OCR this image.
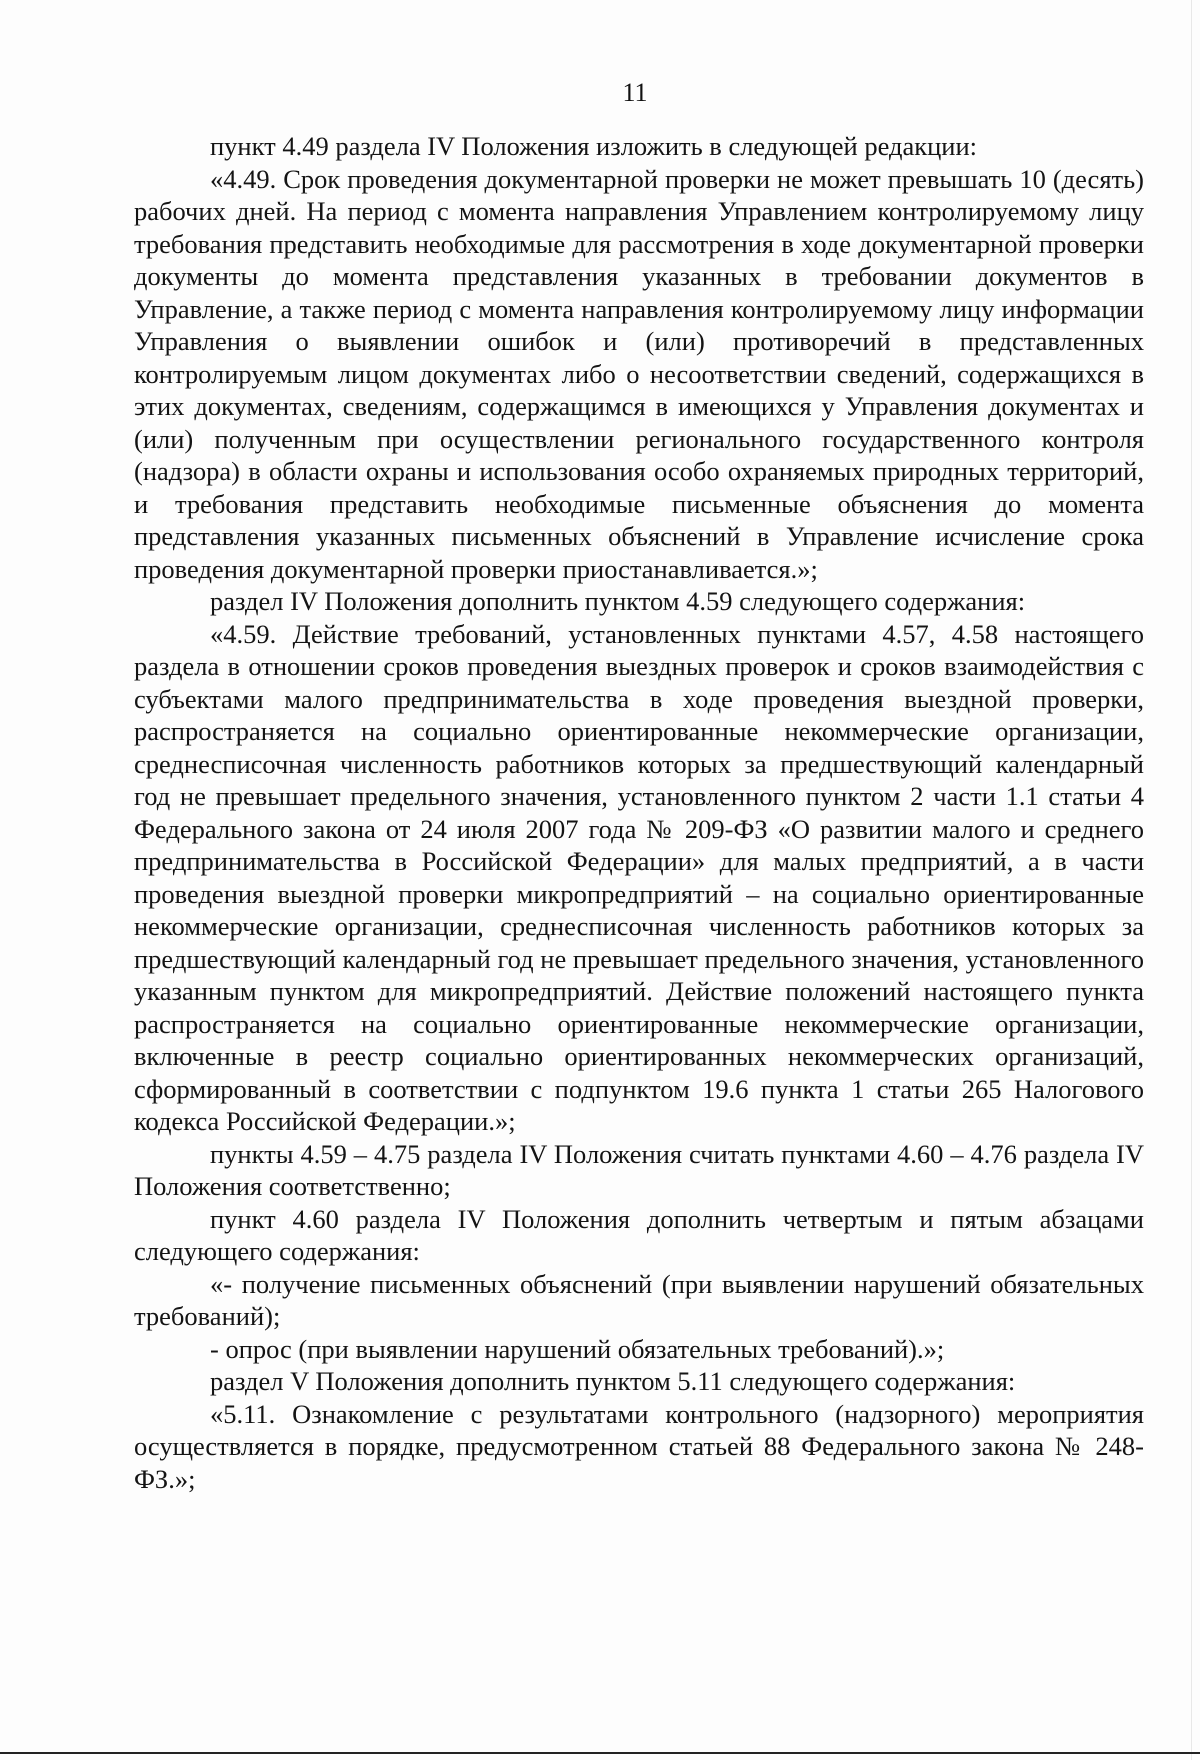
11

пункт 4.49 раздела IV Положения изложить в следующей редакции:

«4.49. Срок проведения документарной проверки не может превышать 10 (десять) рабочих дней. На период с момента направления Управлением контролируемому лицу требования представить необходимые для рассмотрения в ходе документарной проверки документы до момента представления указанных в требовании документов в Управление, а также период с момента направления контролируемому лицу информации Управления о выявлении ошибок и (или) противоречий в представленных контролируемым лицом документах либо о несоответствии сведений, содержащихся в этих документах, сведениям, содержащимся в имеющихся у Управления документах и (или) полученным при осуществлении регионального государственного контроля (надзора) в области охраны и использования особо охраняемых природных территорий, и требования представить необходимые письменные объяснения до момента представления указанных письменных объяснений в Управление исчисление срока проведения документарной проверки приостанавливается.»;

раздел IV Положения дополнить пунктом 4.59 следующего содержания:

«4.59. Действие требований, установленных пунктами 4.57, 4.58 настоящего раздела в отношении сроков проведения выездных проверок и сроков взаимодействия с субъектами малого предпринимательства в ходе проведения выездной проверки, распространяется на социально ориентированные некоммерческие организации, среднесписочная численность работников которых за предшествующий календарный год не превышает предельного значения, установленного пунктом 2 части 1.1 статьи 4 Федерального закона от 24 июля 2007 года № 209-ФЗ «О развитии малого и среднего предпринимательства в Российской Федерации» для малых предприятий, а в части проведения выездной проверки микропредприятий – на социально ориентированные некоммерческие организации, среднесписочная численность работников которых за предшествующий календарный год не превышает предельного значения, установленного указанным пунктом для микропредприятий. Действие положений настоящего пункта распространяется на социально ориентированные некоммерческие организации, включенные в реестр социально ориентированных некоммерческих организаций, сформированный в соответствии с подпунктом 19.6 пункта 1 статьи 265 Налогового кодекса Российской Федерации.»;

пункты 4.59 – 4.75 раздела IV Положения считать пунктами 4.60 – 4.76 раздела IV Положения соответственно;

пункт 4.60 раздела IV Положения дополнить четвертым и пятым абзацами следующего содержания:

«- получение письменных объяснений (при выявлении нарушений обязательных требований);

- опрос (при выявлении нарушений обязательных требований).»;

раздел V Положения дополнить пунктом 5.11 следующего содержания:

«5.11. Ознакомление с результатами контрольного (надзорного) мероприятия осуществляется в порядке, предусмотренном статьей 88 Федерального закона № 248-ФЗ.»;
